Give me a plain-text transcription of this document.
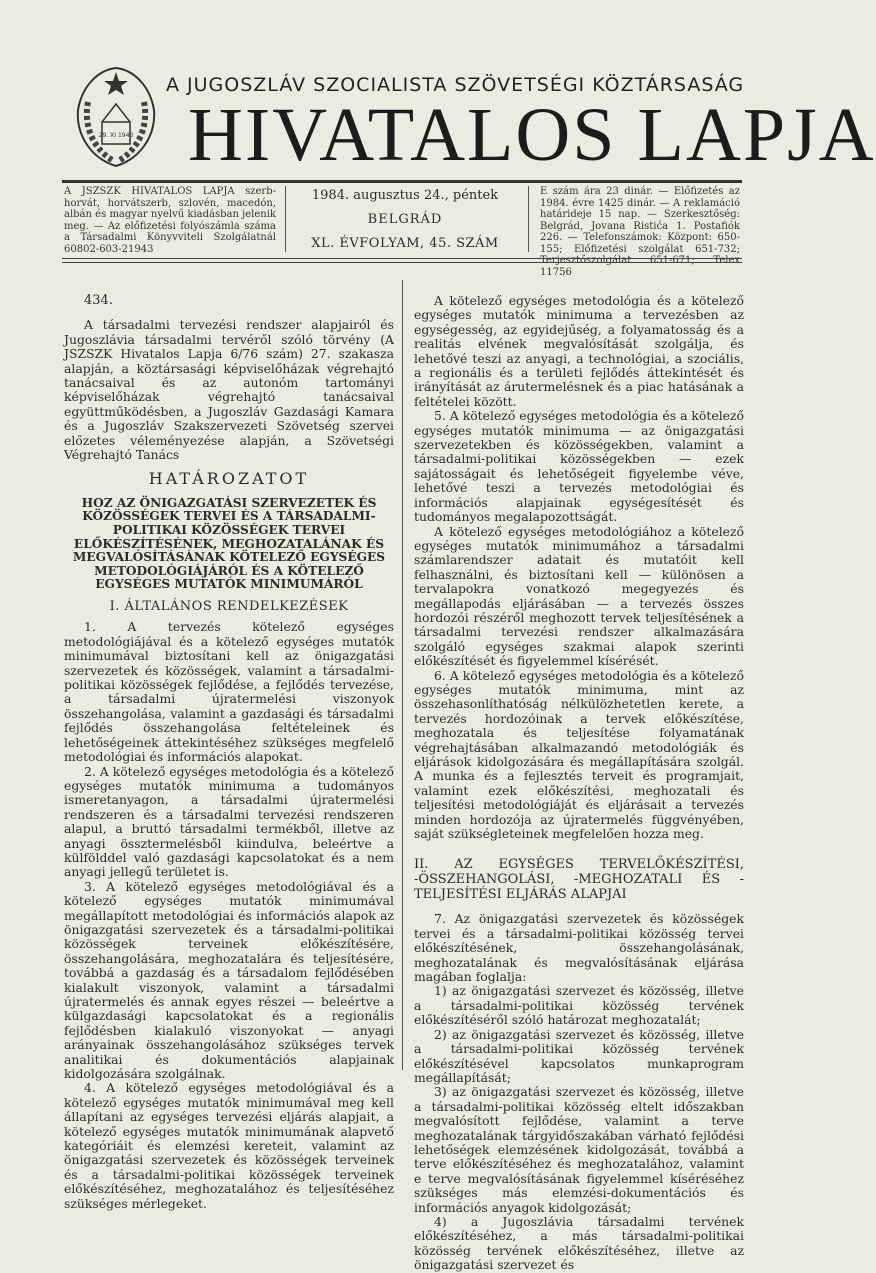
29. XI 1943
A JUGOSZLÁV SZOCIALISTA SZÖVETSÉGI KÖZTÁRSASÁG
HIVATALOS LAPJA
A JSZSZK HIVATALOS LAPJA szerb-horvát, horvátszerb, szlovén, macedón, albán és magyar nyelvű kiadásban jelenik meg. — Az előfizetési folyószámla száma a Társadalmi Könyvviteli Szolgálatnál 60802-603-21943
1984. augusztus 24., péntek
BELGRÁD
XL. ÉVFOLYAM, 45. SZÁM
E szám ára 23 dinár. — Előfizetés az 1984. évre 1425 dinár. — A reklamáció határideje 15 nap. — Szerkesztőség: Belgrád, Jovana Ristića 1. Postafiók 226. — Telefonszámok: Központ: 650-155; Előfizetési szolgálat 651-732; Terjesztőszolgálat 651-671; Telex 11756
434.

A társadalmi tervezési rendszer alapjairól és Jugoszlávia társadalmi tervéről szóló törvény (A JSZSZK Hivatalos Lapja 6/76 szám) 27. szakasza alapján, a köztársasági képviselőházak végrehajtó tanácsaival és az autonóm tartományi képviselőházak végrehajtó tanácsaival együttműködésben, a Jugoszláv Gazdasági Kamara és a Jugoszláv Szakszervezeti Szövetség szervei előzetes véleményezése alapján, a Szövetségi Végrehajtó Tanács

HATÁROZATOT
HOZ AZ ÖNIGAZGATÁSI SZERVEZETEK ÉS KÖZÖSSÉGEK TERVEI ÉS A TÁRSADALMI-POLITIKAI KÖZÖSSÉGEK TERVEI ELŐKÉSZÍTÉSÉNEK, MEGHOZATALÁNAK ÉS MEGVALÓSÍTÁSÁNAK KÖTELEZŐ EGYSÉGES METODOLÓGIÁJÁRÓL ÉS A KÖTELEZŐ EGYSÉGES MUTATÓK MINIMUMÁRÓL
I. ÁLTALÁNOS RENDELKEZÉSEK

1. A tervezés kötelező egységes metodológiájával és a kötelező egységes mutatók minimumával biztosítani kell az önigazgatási szervezetek és közösségek, valamint a társadalmi-politikai közösségek fejlődése, a fejlődés tervezése, a társadalmi újratermelési viszonyok összehangolása, valamint a gazdasági és társadalmi fejlődés összehangolása feltételeinek és lehetőségeinek áttekintéséhez szükséges megfelelő metodológiai és információs alapokat.

2. A kötelező egységes metodológia és a kötelező egységes mutatók minimuma a tudományos ismeretanyagon, a társadalmi újratermelési rendszeren és a társadalmi tervezési rendszeren alapul, a bruttó társadalmi termékből, illetve az anyagi össztermelésből kiindulva, beleértve a külfölddel való gazdasági kapcsolatokat és a nem anyagi jellegű területet is.

3. A kötelező egységes metodológiával és a kötelező egységes mutatók minimumával megállapított metodológiai és információs alapok az önigazgatási szervezetek és a társadalmi-politikai közösségek terveinek előkészítésére, összehangolására, meghozatalára és teljesítésére, továbbá a gazdaság és a társadalom fejlődésében kialakult viszonyok, valamint a társadalmi újratermelés és annak egyes részei — beleértve a külgazdasági kapcsolatokat és a regionális fejlődésben kialakuló viszonyokat — anyagi arányainak összehangolásához szükséges tervek analitikai és dokumentációs alapjainak kidolgozására szolgálnak.

4. A kötelező egységes metodológiával és a kötelező egységes mutatók minimumával meg kell állapítani az egységes tervezési eljárás alapjait, a kötelező egységes mutatók minimumának alapvető kategóriáit és elemzési kereteit, valamint az önigazgatási szervezetek és közösségek terveinek és a társadalmi-politikai közösségek terveinek előkészítéséhez, meghozatalához és teljesítéséhez szükséges mérlegeket.

A kötelező egységes metodológia és a kötelező egységes mutatók minimuma a tervezésben az egységesség, az egyidejűség, a folyamatosság és a realitás elvének megvalósítását szolgálja, és lehetővé teszi az anyagi, a technológiai, a szociális, a regionális és a területi fejlődés áttekintését és irányítását az árutermelésnek és a piac hatásának a feltételei között.

5. A kötelező egységes metodológia és a kötelező egységes mutatók minimuma — az önigazgatási szervezetekben és közösségekben, valamint a társadalmi-politikai közösségekben — ezek sajátosságait és lehetőségeit figyelembe véve, lehetővé teszi a tervezés metodológiai és információs alapjainak egységesítését és tudományos megalapozottságát.

A kötelező egységes metodológiához a kötelező egységes mutatók minimumához a társadalmi számlarendszer adatait és mutatóit kell felhasználni, és biztosítani kell — különösen a tervalapokra vonatkozó megegyezés és megállapodás eljárásában — a tervezés összes hordozói részéről meghozott tervek teljesítésének a társadalmi tervezési rendszer alkalmazására szolgáló egységes szakmai alapok szerinti előkészítését és figyelemmel kísérését.

6. A kötelező egységes metodológia és a kötelező egységes mutatók minimuma, mint az összehasonlíthatóság nélkülözhetetlen kerete, a tervezés hordozóinak a tervek előkészítése, meghozatala és teljesítése folyamatának végrehajtásában alkalmazandó metodológiák és eljárások kidolgozására és megállapítására szolgál. A munka és a fejlesztés terveit és programjait, valamint ezek előkészítési, meghozatali és teljesítési metodológiáját és eljárásait a tervezés minden hordozója az újratermelés függvényében, saját szükségleteinek megfelelően hozza meg.

II. AZ EGYSÉGES TERVELŐKÉSZÍTÉSI, -ÖSSZEHANGOLÁSI, -MEGHOZATALI ÉS -TELJESÍTÉSI ELJÁRÁS ALAPJAI

7. Az önigazgatási szervezetek és közösségek tervei és a társadalmi-politikai közösség tervei előkészítésének, összehangolásának, meghozatalának és megvalósításának eljárása magában foglalja:

1) az önigazgatási szervezet és közösség, illetve a társadalmi-politikai közösség tervének előkészítéséről szóló határozat meghozatalát;

2) az önigazgatási szervezet és közösség, illetve a társadalmi-politikai közösség tervének előkészítésével kapcsolatos munkaprogram megállapítását;

3) az önigazgatási szervezet és közösség, illetve a társadalmi-politikai közösség eltelt időszakban megvalósított fejlődése, valamint a terve meghozatalának tárgyidőszakában várható fejlődési lehetőségek elemzésének kidolgozását, továbbá a terve előkészítéséhez és meghozatalához, valamint e terve megvalósításának figyelemmel kíséréséhez szükséges más elemzési-dokumentációs és információs anyagok kidolgozását;

4) a Jugoszlávia társadalmi tervének előkészítéséhez, a más társadalmi-politikai közösség tervének előkészítéséhez, illetve az önigazgatási szervezet és
